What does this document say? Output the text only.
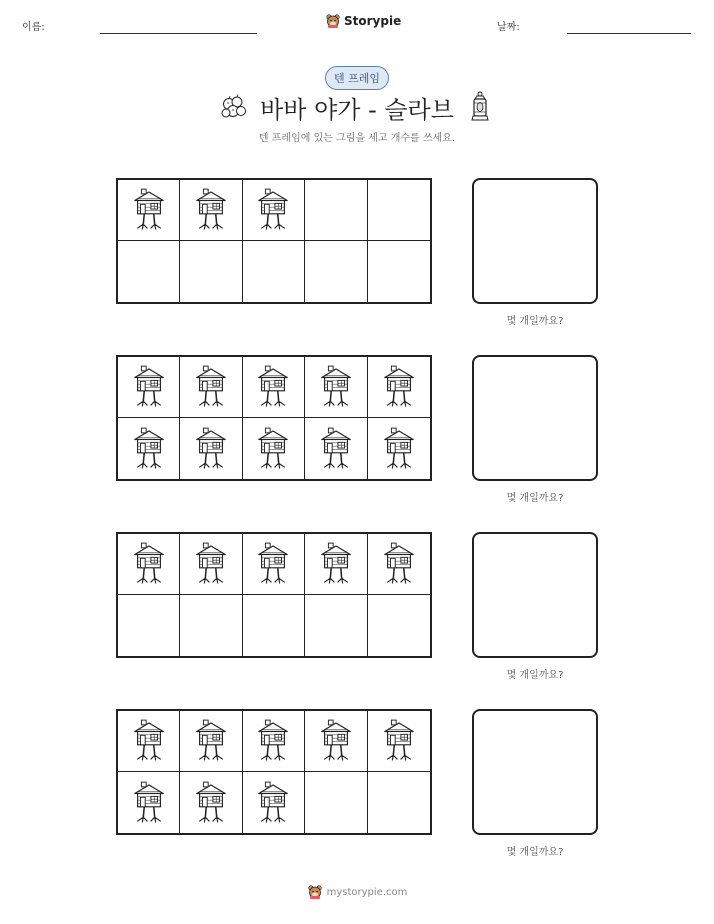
이름:	Storypie	날짜:
텐 프레임
바바 야가 - 슬라브
텐 프레임에 있는 그림을 세고 개수를 쓰세요.
몇 개일까요?
몇 개일까요?
몇 개일까요?
몇 개일까요?
mystorypie.com
